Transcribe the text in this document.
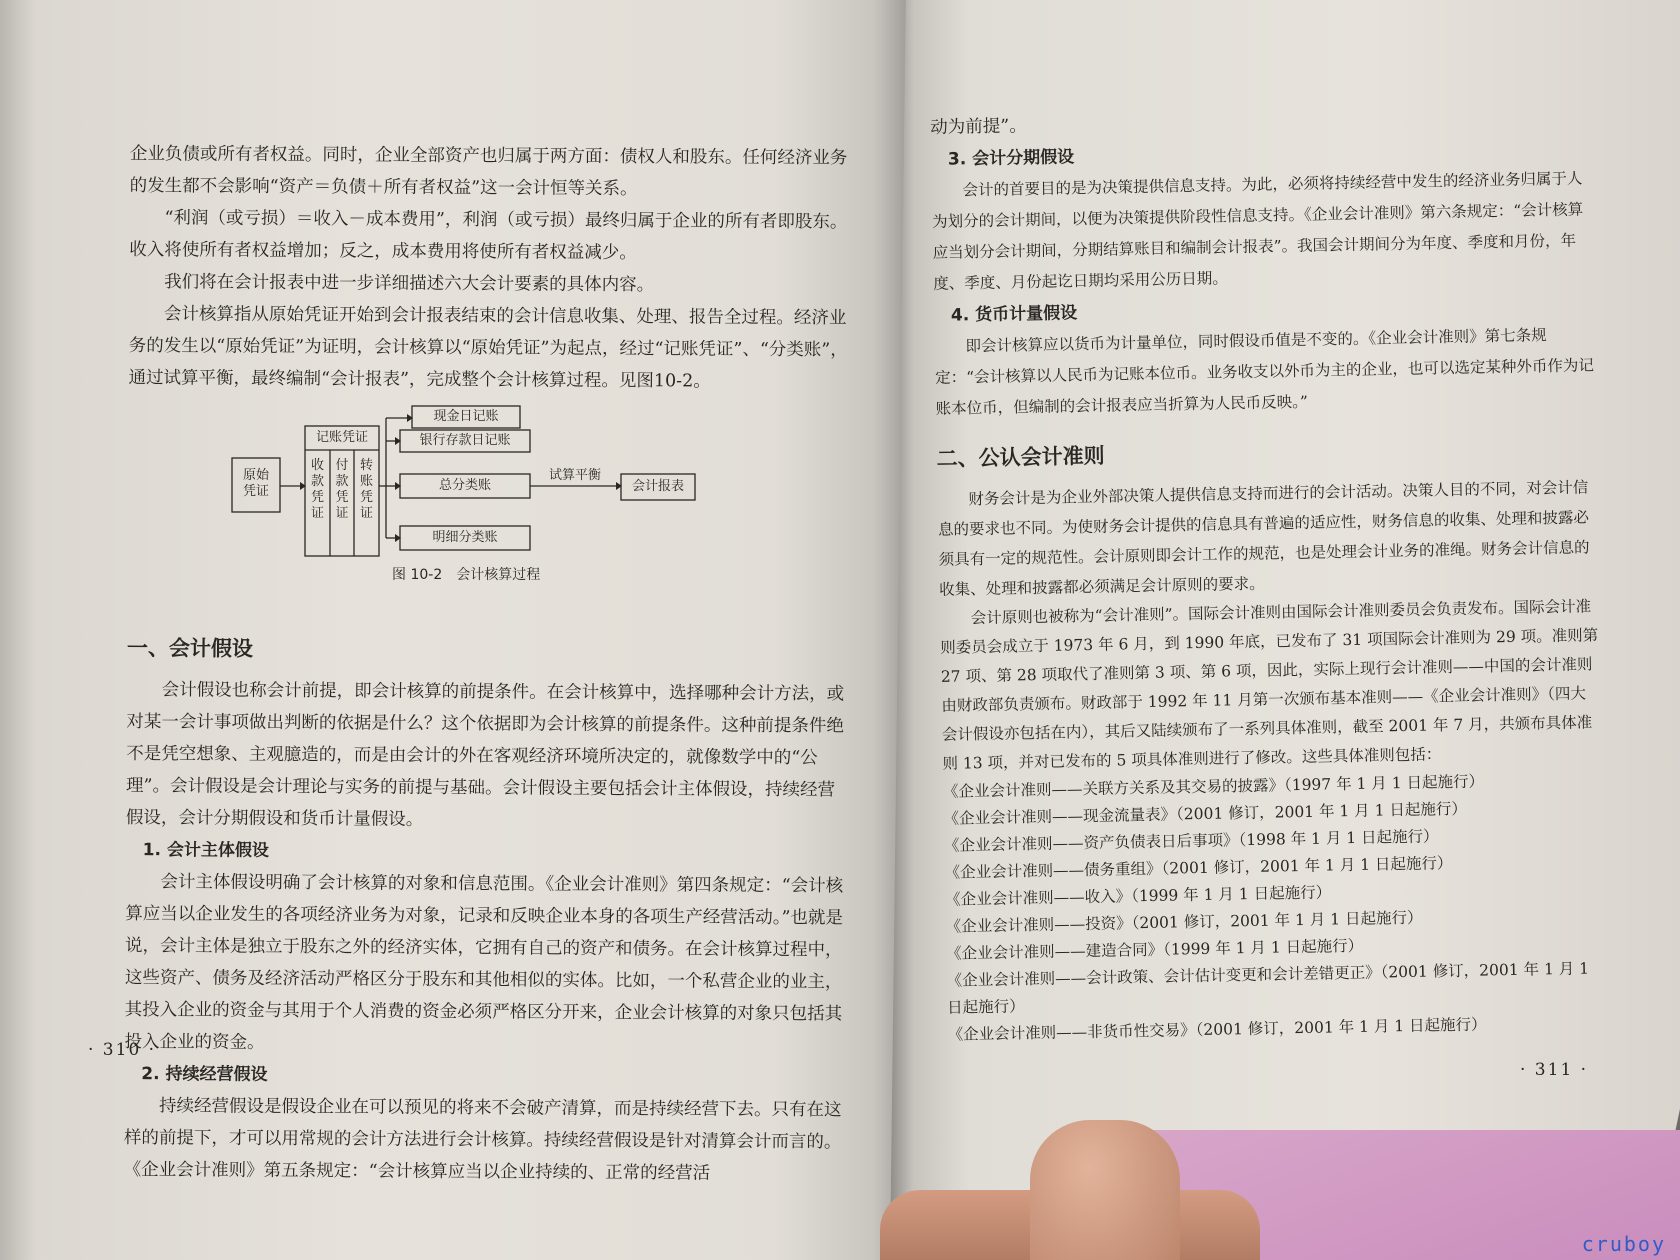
企业负债或所有者权益。同时，企业全部资产也归属于两方面：债权人和股东。任何经济业务的发生都不会影响“资产＝负债＋所有者权益”这一会计恒等关系。

“利润（或亏损）＝收入－成本费用”，利润（或亏损）最终归属于企业的所有者即股东。收入将使所有者权益增加；反之，成本费用将使所有者权益减少。

我们将在会计报表中进一步详细描述六大会计要素的具体内容。

会计核算指从原始凭证开始到会计报表结束的会计信息收集、处理、报告全过程。经济业务的发生以“原始凭证”为证明，会计核算以“原始凭证”为起点，经过“记账凭证”、“分类账”，通过试算平衡，最终编制“会计报表”，完成整个会计核算过程。见图10-2。

一、会计假设

会计假设也称会计前提，即会计核算的前提条件。在会计核算中，选择哪种会计方法，或对某一会计事项做出判断的依据是什么？这个依据即为会计核算的前提条件。这种前提条件绝不是凭空想象、主观臆造的，而是由会计的外在客观经济环境所决定的，就像数学中的“公理”。会计假设是会计理论与实务的前提与基础。会计假设主要包括会计主体假设，持续经营假设，会计分期假设和货币计量假设。

1. 会计主体假设

会计主体假设明确了会计核算的对象和信息范围。《企业会计准则》第四条规定：“会计核算应当以企业发生的各项经济业务为对象，记录和反映企业本身的各项生产经营活动。”也就是说，会计主体是独立于股东之外的经济实体，它拥有自己的资产和债务。在会计核算过程中，这些资产、债务及经济活动严格区分于股东和其他相似的实体。比如，一个私营企业的业主，其投入企业的资金与其用于个人消费的资金必须严格区分开来，企业会计核算的对象只包括其投入企业的资金。

2. 持续经营假设

持续经营假设是假设企业在可以预见的将来不会破产清算，而是持续经营下去。只有在这样的前提下，才可以用常规的会计方法进行会计核算。持续经营假设是针对清算会计而言的。《企业会计准则》第五条规定：“会计核算应当以企业持续的、正常的经营活

· 310 ·
原始
凭证
记账凭证
收
款
凭
证
付
款
凭
证
转
账
凭
证
现金日记账
银行存款日记账
总分类账
试算平衡
会计报表
明细分类账
图 10-2　会计核算过程

动为前提”。

3. 会计分期假设

会计的首要目的是为决策提供信息支持。为此，必须将持续经营中发生的经济业务归属于人为划分的会计期间，以便为决策提供阶段性信息支持。《企业会计准则》第六条规定：“会计核算应当划分会计期间，分期结算账目和编制会计报表”。我国会计期间分为年度、季度和月份，年度、季度、月份起讫日期均采用公历日期。

4. 货币计量假设

即会计核算应以货币为计量单位，同时假设币值是不变的。《企业会计准则》第七条规定：“会计核算以人民币为记账本位币。业务收支以外币为主的企业，也可以选定某种外币作为记账本位币，但编制的会计报表应当折算为人民币反映。”

二、公认会计准则

财务会计是为企业外部决策人提供信息支持而进行的会计活动。决策人目的不同，对会计信息的要求也不同。为使财务会计提供的信息具有普遍的适应性，财务信息的收集、处理和披露必须具有一定的规范性。会计原则即会计工作的规范，也是处理会计业务的准绳。财务会计信息的收集、处理和披露都必须满足会计原则的要求。

会计原则也被称为“会计准则”。国际会计准则由国际会计准则委员会负责发布。国际会计准则委员会成立于 1973 年 6 月，到 1990 年底，已发布了 31 项国际会计准则为 29 项。准则第 27 项、第 28 项取代了准则第 3 项、第 6 项，因此，实际上现行会计准则——中国的会计准则由财政部负责颁布。财政部于 1992 年 11 月第一次颁布基本准则——《企业会计准则》（四大会计假设亦包括在内），其后又陆续颁布了一系列具体准则，截至 2001 年 7 月，共颁布具体准则 13 项，并对已发布的 5 项具体准则进行了修改。这些具体准则包括：

《企业会计准则——关联方关系及其交易的披露》（1997 年 1 月 1 日起施行）

《企业会计准则——现金流量表》（2001 修订，2001 年 1 月 1 日起施行）

《企业会计准则——资产负债表日后事项》（1998 年 1 月 1 日起施行）

《企业会计准则——债务重组》（2001 修订，2001 年 1 月 1 日起施行）

《企业会计准则——收入》（1999 年 1 月 1 日起施行）

《企业会计准则——投资》（2001 修订，2001 年 1 月 1 日起施行）

《企业会计准则——建造合同》（1999 年 1 月 1 日起施行）

《企业会计准则——会计政策、会计估计变更和会计差错更正》（2001 修订，2001 年 1 月 1 日起施行）

《企业会计准则——非货币性交易》（2001 修订，2001 年 1 月 1 日起施行）

· 311 ·
cruboy
